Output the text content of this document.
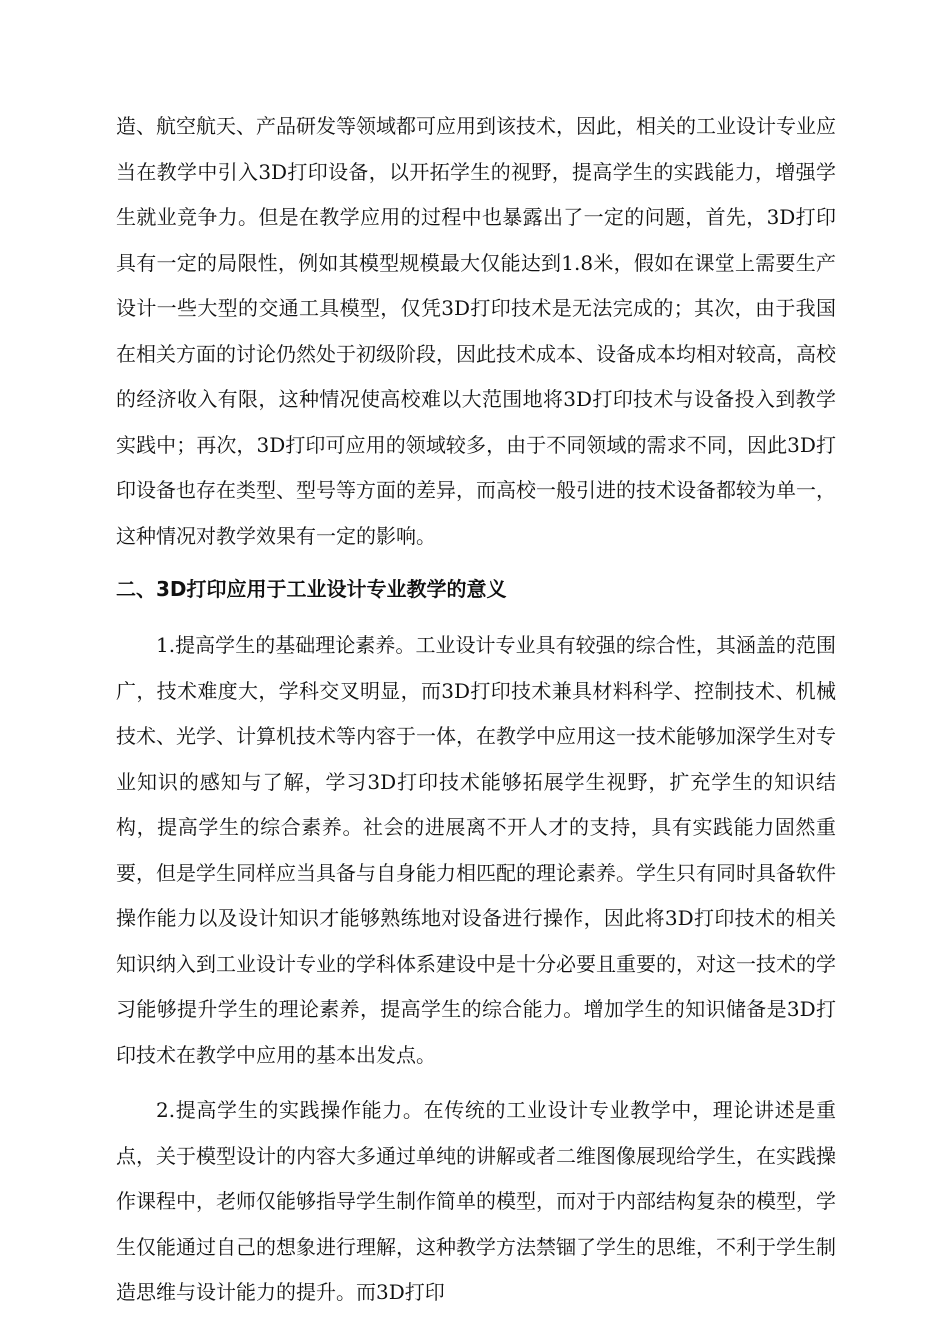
造、航空航天、产品研发等领域都可应用到该技术，因此，相关的工业设计专业应当在教学中引入3D打印设备，以开拓学生的视野，提高学生的实践能力，增强学生就业竞争力。但是在教学应用的过程中也暴露出了一定的问题，首先，3D打印具有一定的局限性，例如其模型规模最大仅能达到1.8米，假如在课堂上需要生产设计一些大型的交通工具模型，仅凭3D打印技术是无法完成的；其次，由于我国在相关方面的讨论仍然处于初级阶段，因此技术成本、设备成本均相对较高，高校的经济收入有限，这种情况使高校难以大范围地将3D打印技术与设备投入到教学实践中；再次，3D打印可应用的领域较多，由于不同领域的需求不同，因此3D打印设备也存在类型、型号等方面的差异，而高校一般引进的技术设备都较为单一，这种情况对教学效果有一定的影响。

二、3D打印应用于工业设计专业教学的意义

1.提高学生的基础理论素养。工业设计专业具有较强的综合性，其涵盖的范围广，技术难度大，学科交叉明显，而3D打印技术兼具材料科学、控制技术、机械技术、光学、计算机技术等内容于一体，在教学中应用这一技术能够加深学生对专业知识的感知与了解，学习3D打印技术能够拓展学生视野，扩充学生的知识结构，提高学生的综合素养。社会的进展离不开人才的支持，具有实践能力固然重要，但是学生同样应当具备与自身能力相匹配的理论素养。学生只有同时具备软件操作能力以及设计知识才能够熟练地对设备进行操作，因此将3D打印技术的相关知识纳入到工业设计专业的学科体系建设中是十分必要且重要的，对这一技术的学习能够提升学生的理论素养，提高学生的综合能力。增加学生的知识储备是3D打印技术在教学中应用的基本出发点。

2.提高学生的实践操作能力。在传统的工业设计专业教学中，理论讲述是重点，关于模型设计的内容大多通过单纯的讲解或者二维图像展现给学生，在实践操作课程中，老师仅能够指导学生制作简单的模型，而对于内部结构复杂的模型，学生仅能通过自己的想象进行理解，这种教学方法禁锢了学生的思维，不利于学生制造思维与设计能力的提升。而3D打印
